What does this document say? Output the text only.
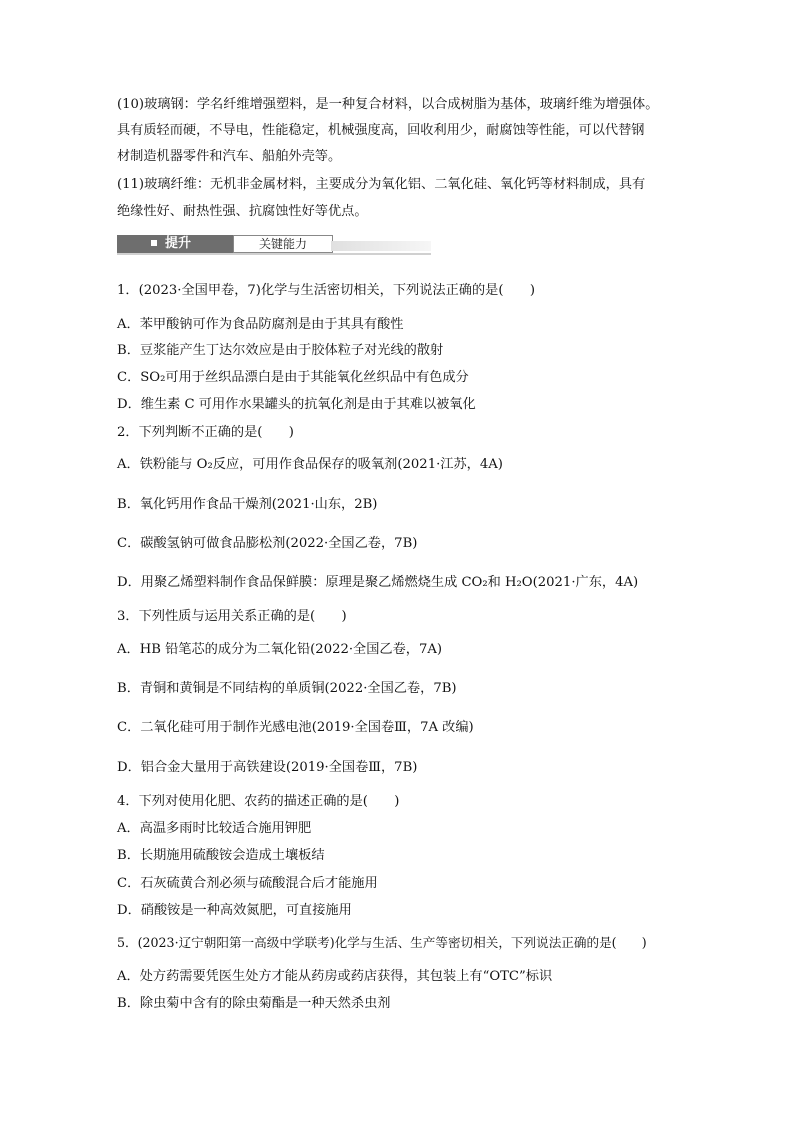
(10)玻璃钢：学名纤维增强塑料，是一种复合材料，以合成树脂为基体，玻璃纤维为增强体。
具有质轻而硬，不导电，性能稳定，机械强度高，回收利用少，耐腐蚀等性能，可以代替钢
材制造机器零件和汽车、船舶外壳等。
(11)玻璃纤维：无机非金属材料，主要成分为氧化铝、二氧化硅、氧化钙等材料制成，具有
绝缘性好、耐热性强、抗腐蚀性好等优点。
提升	关键能力
1．(2023·全国甲卷，7)化学与生活密切相关，下列说法正确的是(　　)
A．苯甲酸钠可作为食品防腐剂是由于其具有酸性
B．豆浆能产生丁达尔效应是由于胶体粒子对光线的散射
C．SO₂可用于丝织品漂白是由于其能氧化丝织品中有色成分
D．维生素 C 可用作水果罐头的抗氧化剂是由于其难以被氧化
2．下列判断不正确的是(　　)
A．铁粉能与 O₂反应，可用作食品保存的吸氧剂(2021·江苏，4A)
B．氧化钙用作食品干燥剂(2021·山东，2B)
C．碳酸氢钠可做食品膨松剂(2022·全国乙卷，7B)
D．用聚乙烯塑料制作食品保鲜膜：原理是聚乙烯燃烧生成 CO₂和 H₂O(2021·广东，4A)
3．下列性质与运用关系正确的是(　　)
A．HB 铅笔芯的成分为二氧化铅(2022·全国乙卷，7A)
B．青铜和黄铜是不同结构的单质铜(2022·全国乙卷，7B)
C．二氧化硅可用于制作光感电池(2019·全国卷Ⅲ，7A 改编)
D．铝合金大量用于高铁建设(2019·全国卷Ⅲ，7B)
4．下列对使用化肥、农药的描述正确的是(　　)
A．高温多雨时比较适合施用钾肥
B．长期施用硫酸铵会造成土壤板结
C．石灰硫黄合剂必须与硫酸混合后才能施用
D．硝酸铵是一种高效氮肥，可直接施用
5．(2023·辽宁朝阳第一高级中学联考)化学与生活、生产等密切相关，下列说法正确的是(　　)
A．处方药需要凭医生处方才能从药房或药店获得，其包装上有“OTC”标识
B．除虫菊中含有的除虫菊酯是一种天然杀虫剂
